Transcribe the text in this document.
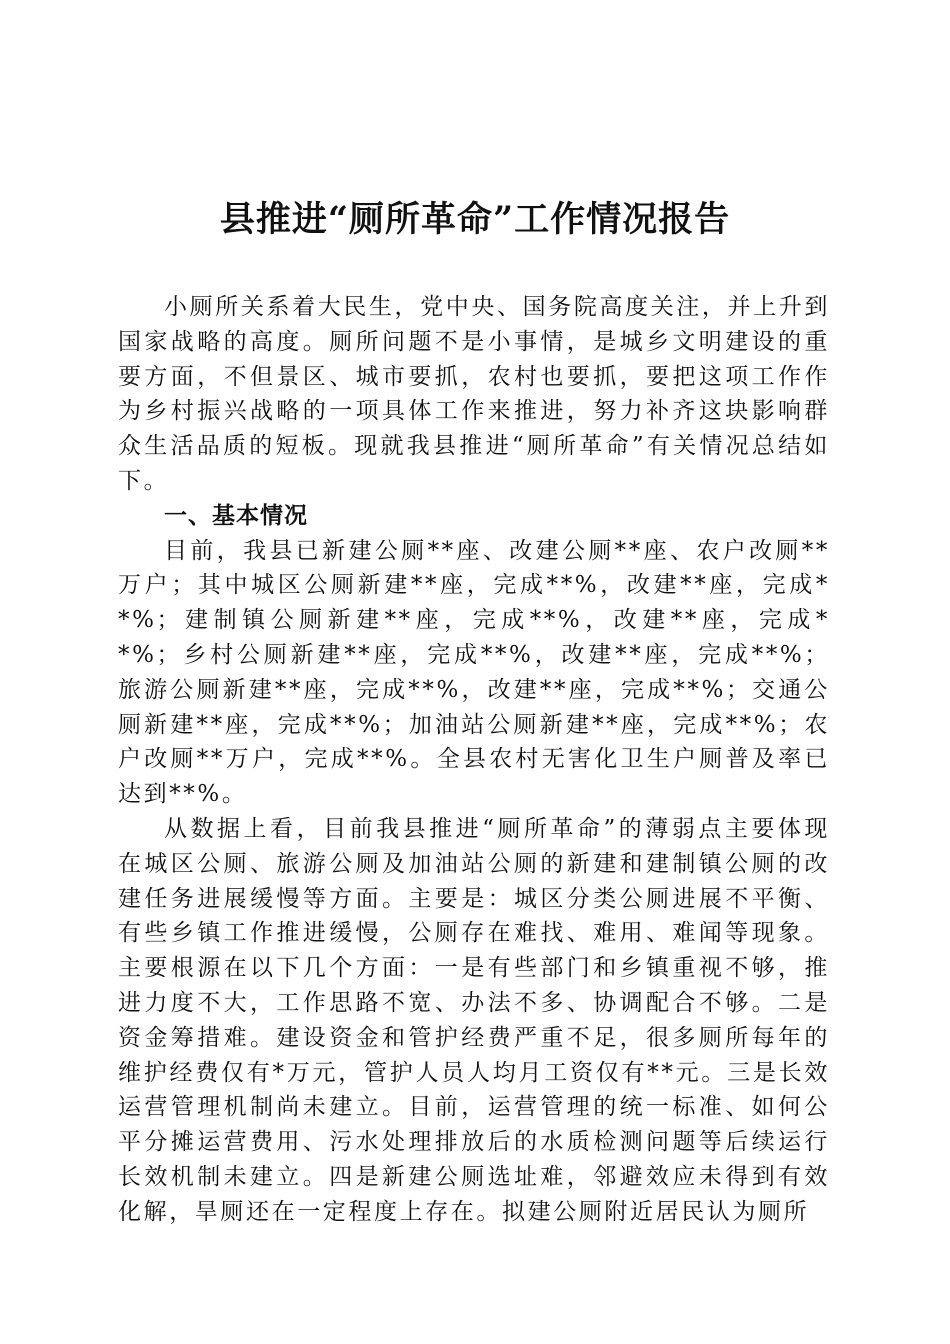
县推进“厕所革命”工作情况报告

小厕所关系着大民生，党中央、国务院高度关注，并上升到国家战略的高度。厕所问题不是小事情，是城乡文明建设的重要方面，不但景区、城市要抓，农村也要抓，要把这项工作作为乡村振兴战略的一项具体工作来推进，努力补齐这块影响群众生活品质的短板。现就我县推进“厕所革命”有关情况总结如下。

一、基本情况

目前，我县已新建公厕**座、改建公厕**座、农户改厕**万户；其中城区公厕新建**座，完成**%，改建**座，完成**%；建制镇公厕新建**座，完成**%，改建**座，完成**%；乡村公厕新建**座，完成**%，改建**座，完成**%；旅游公厕新建**座，完成**%，改建**座，完成**%；交通公厕新建**座，完成**%；加油站公厕新建**座，完成**%；农户改厕**万户，完成**%。全县农村无害化卫生户厕普及率已达到**%。

从数据上看，目前我县推进“厕所革命”的薄弱点主要体现在城区公厕、旅游公厕及加油站公厕的新建和建制镇公厕的改建任务进展缓慢等方面。主要是：城区分类公厕进展不平衡、有些乡镇工作推进缓慢，公厕存在难找、难用、难闻等现象。主要根源在以下几个方面：一是有些部门和乡镇重视不够，推进力度不大，工作思路不宽、办法不多、协调配合不够。二是资金筹措难。建设资金和管护经费严重不足，很多厕所每年的维护经费仅有*万元，管护人员人均月工资仅有**元。三是长效运营管理机制尚未建立。目前，运营管理的统一标准、如何公平分摊运营费用、污水处理排放后的水质检测问题等后续运行长效机制未建立。四是新建公厕选址难，邻避效应未得到有效化解，旱厕还在一定程度上存在。拟建公厕附近居民认为厕所
